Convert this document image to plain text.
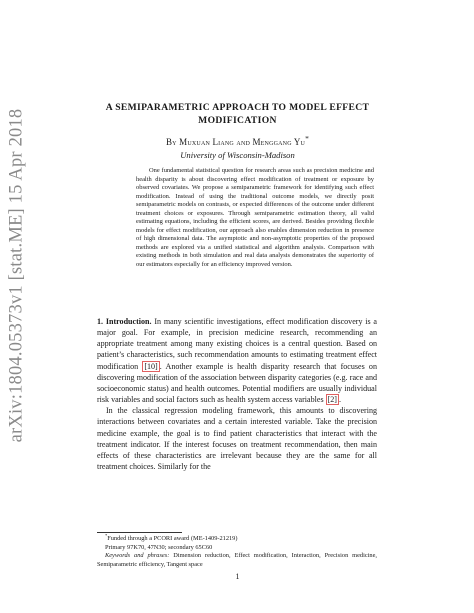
arXiv:1804.05373v1 [stat.ME] 15 Apr 2018
A SEMIPARAMETRIC APPROACH TO MODEL EFFECT
MODIFICATION
By Muxuan Liang and Menggang Yu*
University of Wisconsin-Madison
One fundamental statistical question for research areas such as precision medicine and health disparity is about discovering effect modification of treatment or exposure by observed covariates. We propose a semiparametric framework for identifying such effect modification. Instead of using the traditional outcome models, we directly posit semiparametric models on contrasts, or expected differences of the outcome under different treatment choices or exposures. Through semiparametric estimation theory, all valid estimating equations, including the efficient scores, are derived. Besides providing flexible models for effect modification, our approach also enables dimension reduction in presence of high dimensional data. The asymptotic and non-asymptotic properties of the proposed methods are explored via a unified statistical and algorithm analysis. Comparison with existing methods in both simulation and real data analysis demonstrates the superiority of our estimators especially for an efficiency improved version.

1. Introduction. In many scientific investigations, effect modification discovery is a major goal. For example, in precision medicine research, recommending an appropriate treatment among many existing choices is a central question. Based on patient’s characteristics, such recommendation amounts to estimating treatment effect modification [10] . Another example is health disparity research that focuses on discovering modification of the association between disparity categories (e.g. race and socioeconomic status) and health outcomes. Potential modifiers are usually individual risk variables and social factors such as health system access variables [2] .

In the classical regression modeling framework, this amounts to discovering interactions between covariates and a certain interested variable. Take the precision medicine example, the goal is to find patient characteristics that interact with the treatment indicator. If the interest focuses on treatment recommendation, then main effects of these characteristics are irrelevant because they are the same for all treatment choices. Similarly for the

*Funded through a PCORI award (ME-1409-21219)

Primary 97K70, 47N30; secondary 65C60

Keywords and phrases: Dimension reduction, Effect modification, Interaction, Precision medicine, Semiparametric efficiency, Tangent space

1
